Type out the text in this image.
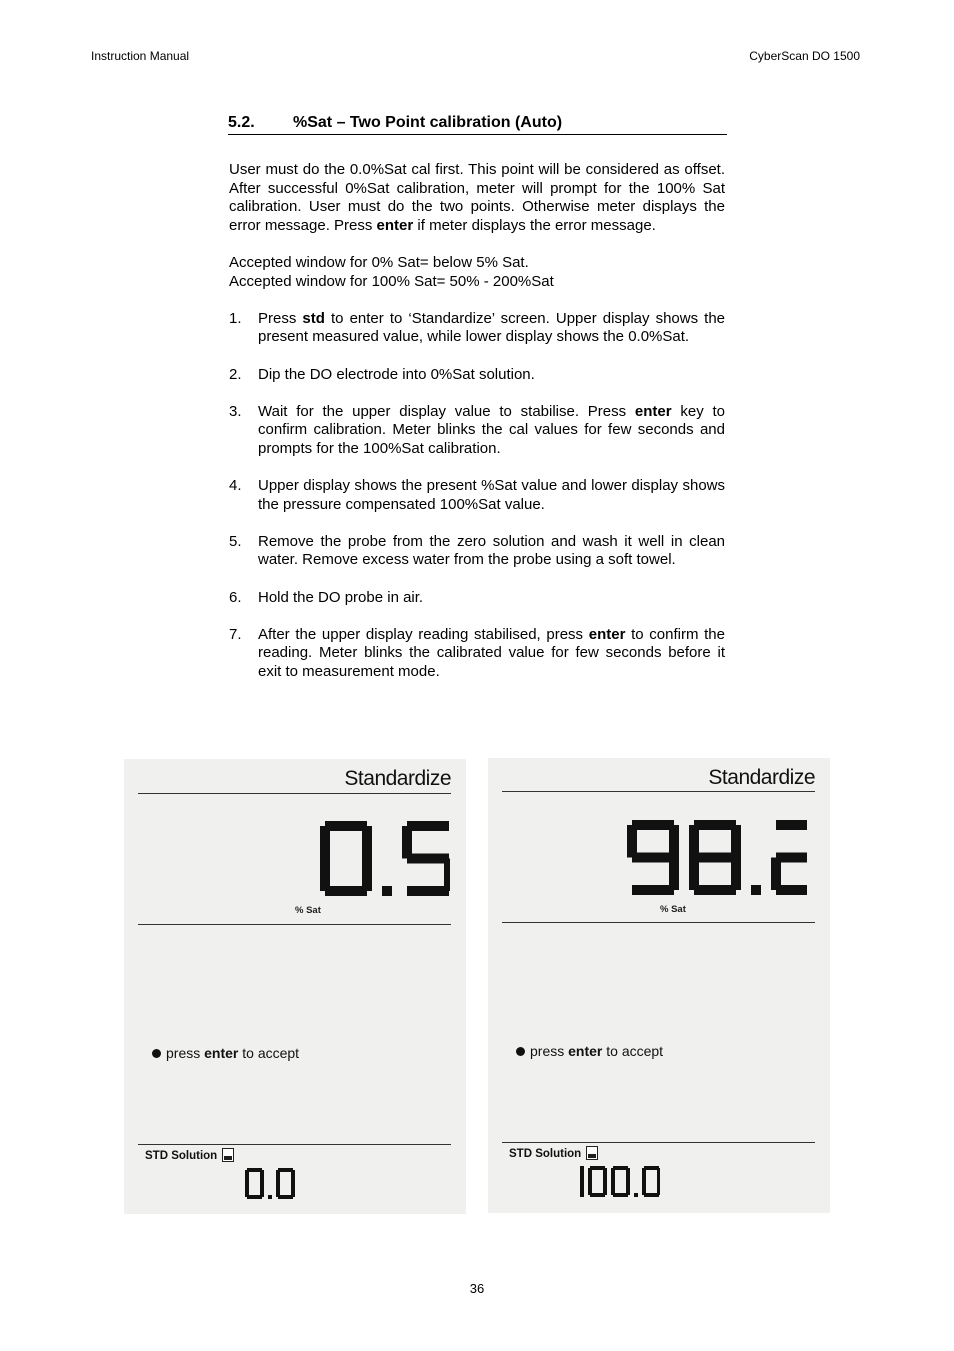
Instruction Manual	CyberScan DO 1500
5.2. %Sat – Two Point calibration (Auto)

User must do the 0.0%Sat cal first. This point will be considered as offset. After successful 0%Sat calibration, meter will prompt for the 100% Sat calibration. User must do the two points. Otherwise meter displays the error message. Press enter if meter displays the error message.

Accepted window for 0% Sat= below 5% Sat.

Accepted window for 100% Sat= 50% - 200%Sat

1. Press std to enter to ‘Standardize’ screen. Upper display shows the present measured value, while lower display shows the 0.0%Sat.
2. Dip the DO electrode into 0%Sat solution.
3. Wait for the upper display value to stabilise. Press enter key to confirm calibration. Meter blinks the cal values for few seconds and prompts for the 100%Sat calibration.
4. Upper display shows the present %Sat value and lower display shows the pressure compensated 100%Sat value.
5. Remove the probe from the zero solution and wash it well in clean water. Remove excess water from the probe using a soft towel.
6. Hold the DO probe in air.
7. After the upper display reading stabilised, press enter to confirm the reading. Meter blinks the calibrated value for few seconds before it exit to measurement mode.
Standardize
% Sat
press enter to accept
STD Solution
Standardize
% Sat
press enter to accept
STD Solution
36
